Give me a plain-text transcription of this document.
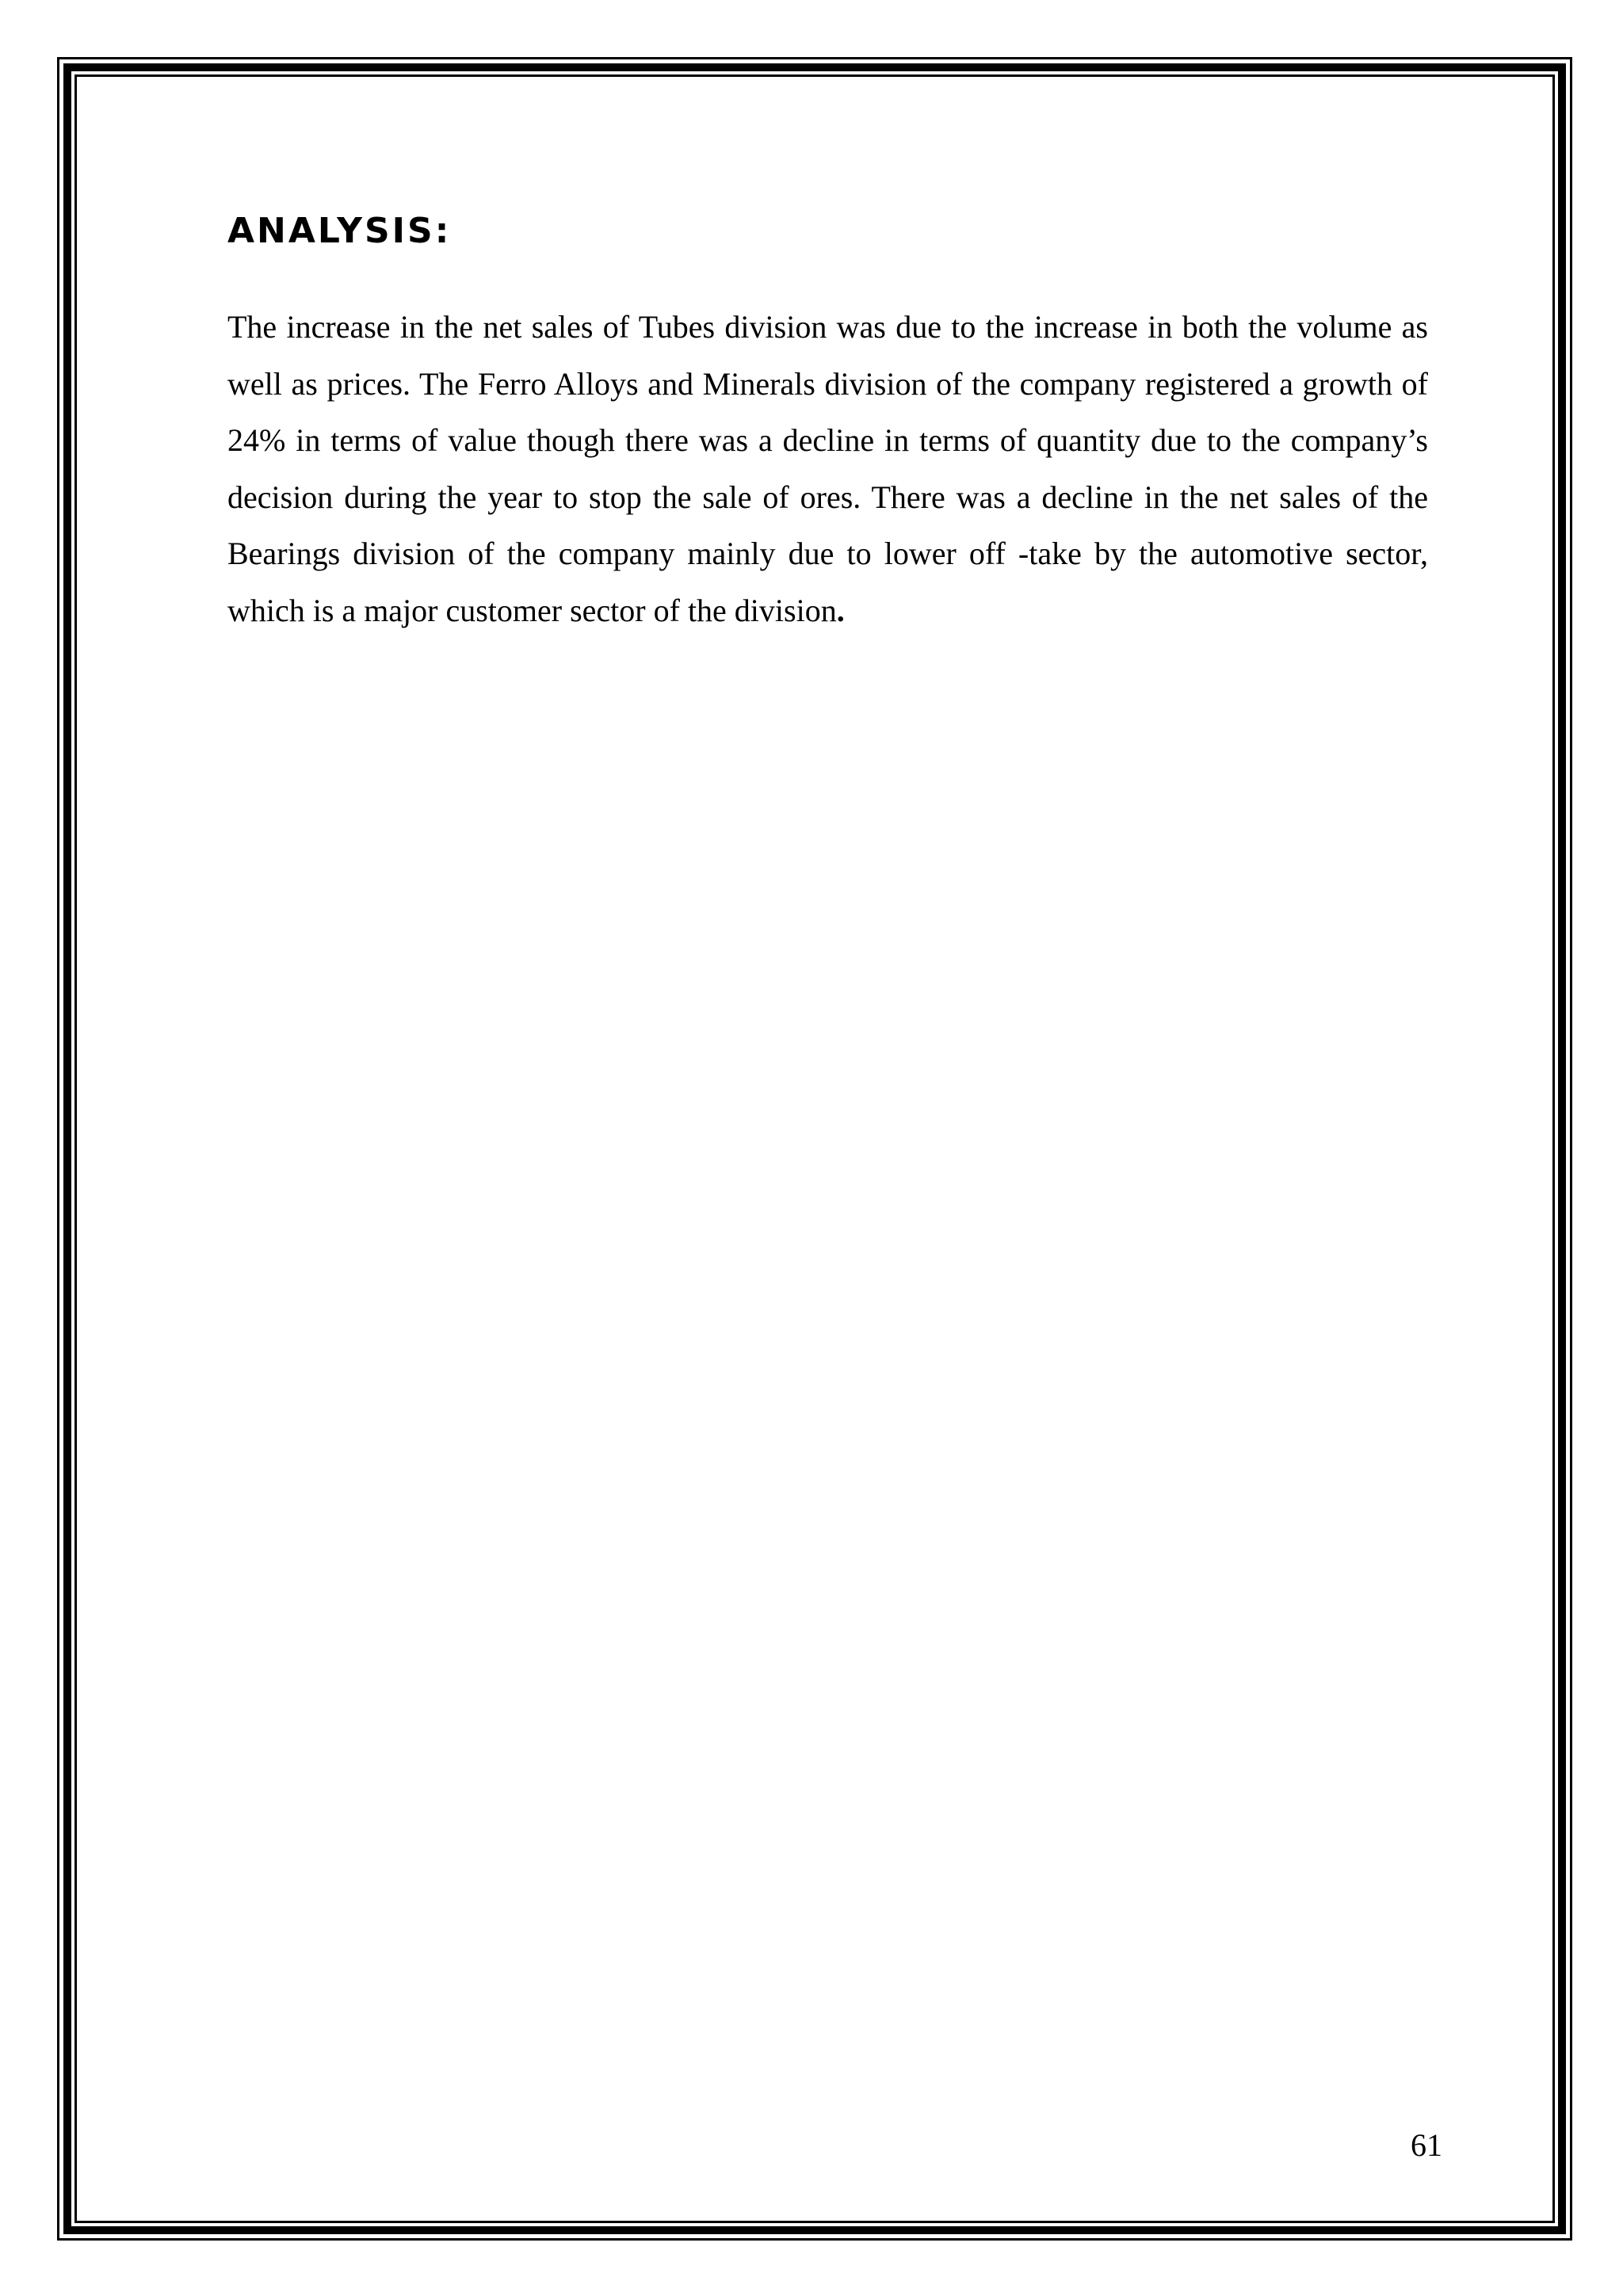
ANALYSIS:

The increase in the net sales of Tubes division was due to the increase in both the volume as well as prices. The Ferro Alloys and Minerals division of the company registered a growth of 24% in terms of value though there was a decline in terms of quantity due to the company’s decision during the year to stop the sale of ores. There was a decline in the net sales of the Bearings division of the company mainly due to lower off -take by the automotive sector, which is a major customer sector of the division.

61
